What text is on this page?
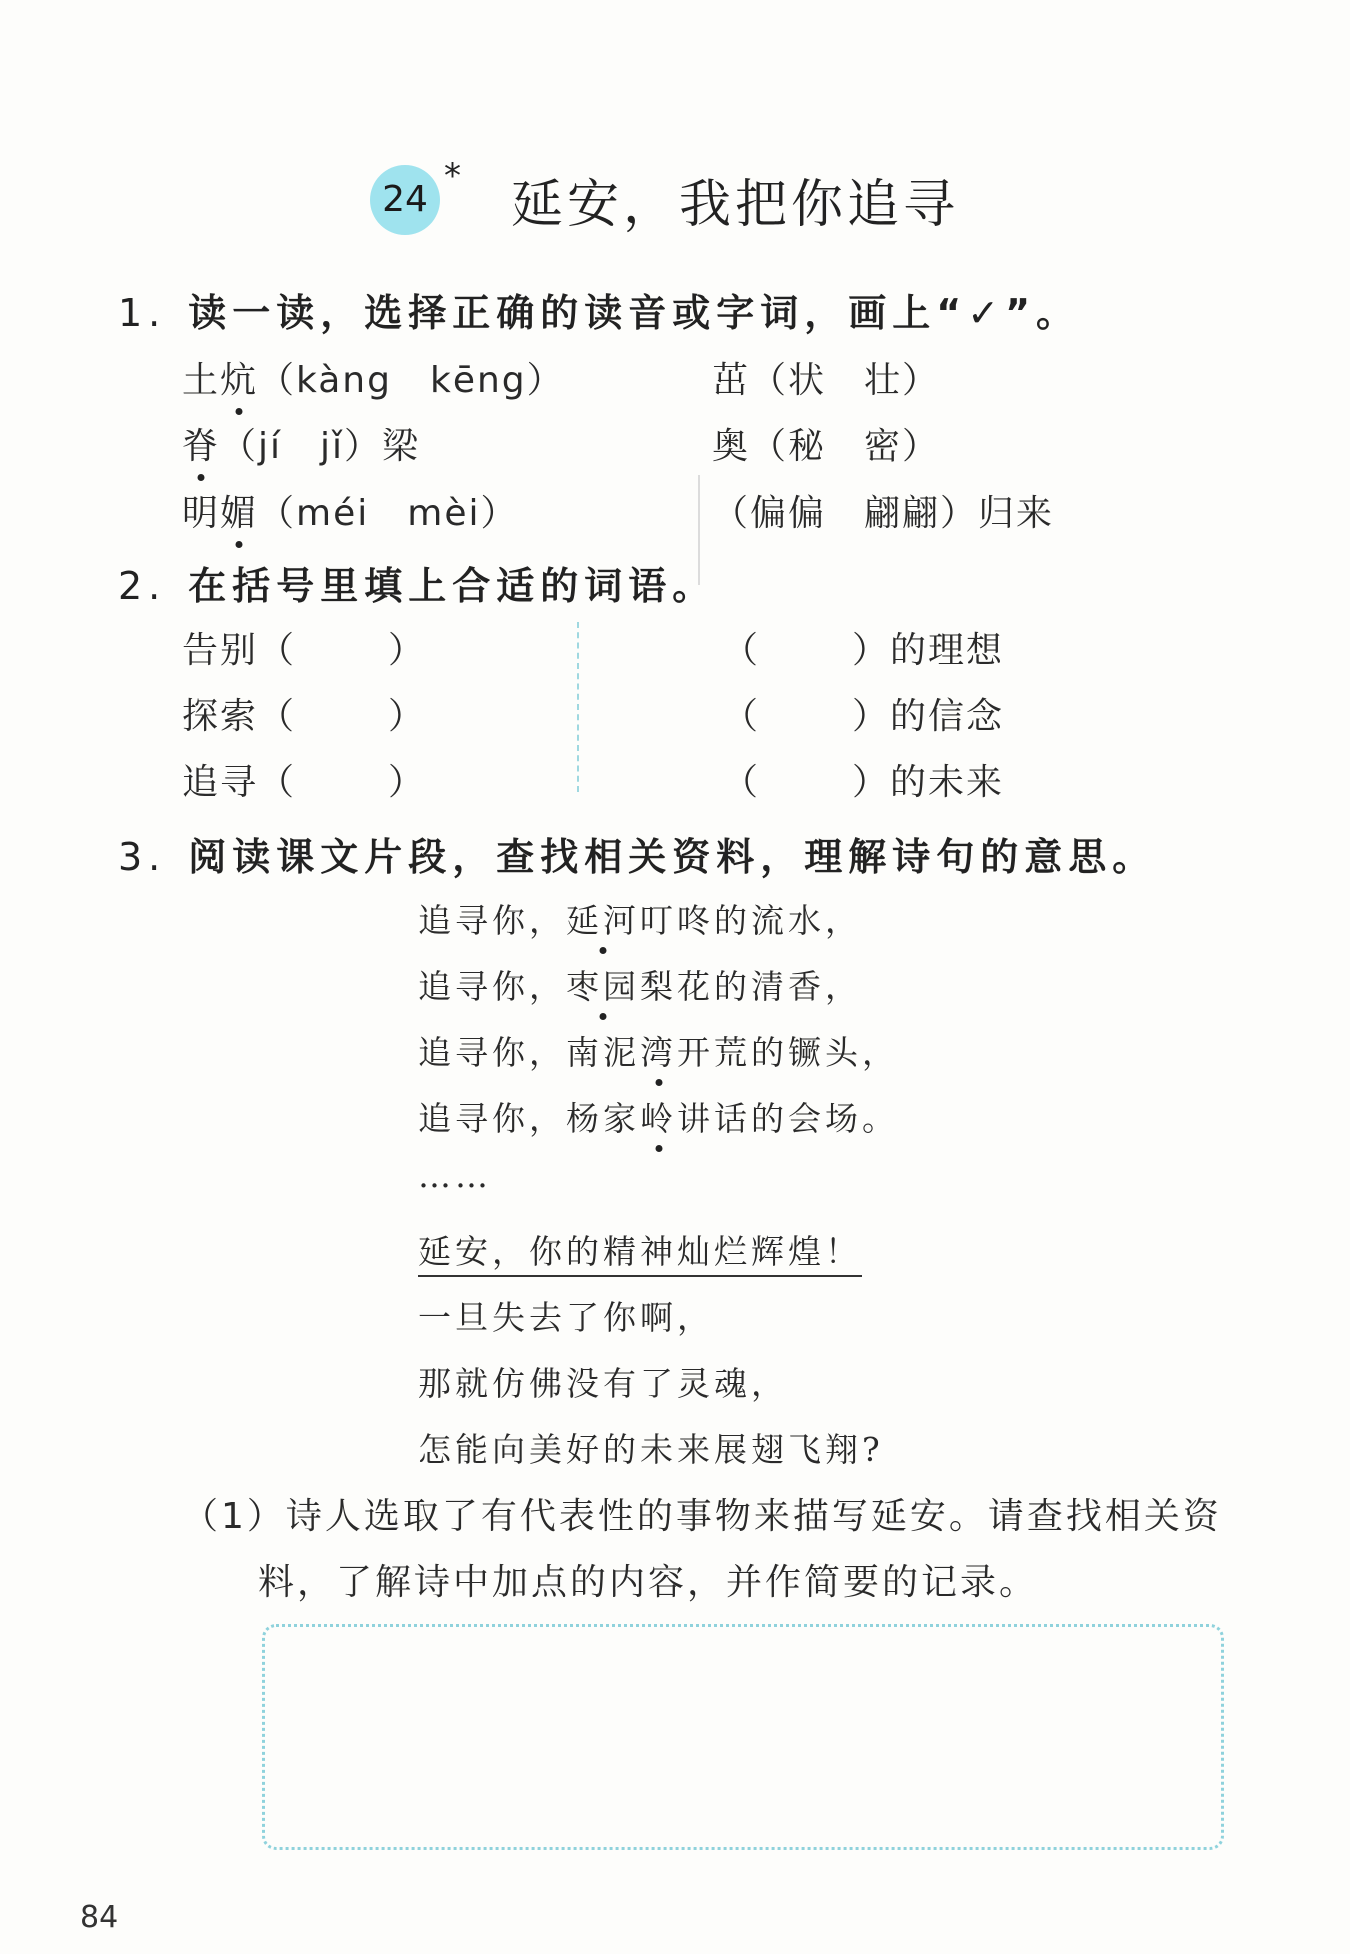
24
* 延安，我把你追寻
1. 读一读，选择正确的读音或字词，画上“✓”。
土炕（kàng　kēng）
脊（jí　jǐ）梁
明媚（méi　mèi）
茁（状　壮）
奥（秘　密）
（偏偏　翩翩）归来
2. 在括号里填上合适的词语。
告别（	）
探索（	）
追寻（	）
（	）的理想
（	）的信念
（	）的未来
3. 阅读课文片段，查找相关资料，理解诗句的意思。
追寻你，延河叮咚的流水，
追寻你，枣园梨花的清香，
追寻你，南泥湾开荒的镢头，
追寻你，杨家岭讲话的会场。
……
延安，你的精神灿烂辉煌！
一旦失去了你啊，
那就仿佛没有了灵魂，
怎能向美好的未来展翅飞翔?
（1）诗人选取了有代表性的事物来描写延安。请查找相关资
料，了解诗中加点的内容，并作简要的记录。
84
